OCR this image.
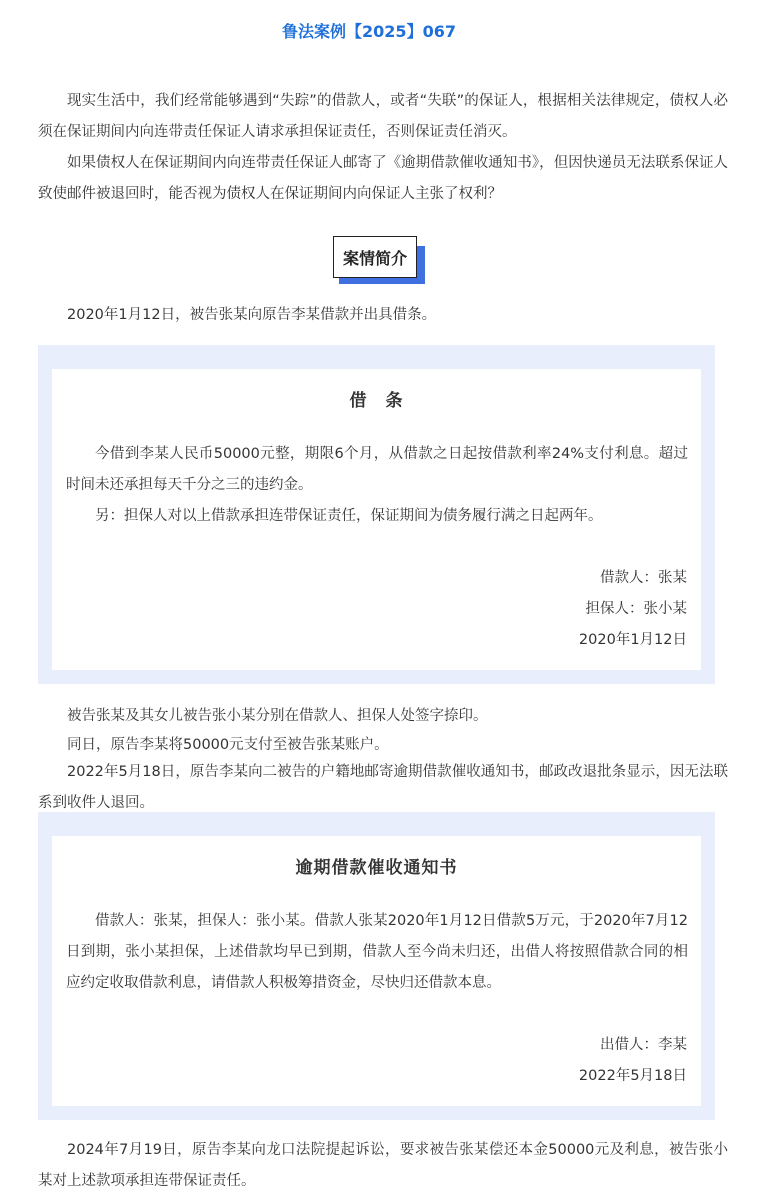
鲁法案例【2025】067

现实生活中，我们经常能够遇到“失踪”的借款人，或者“失联”的保证人，根据相关法律规定，债权人必须在保证期间内向连带责任保证人请求承担保证责任，否则保证责任消灭。

如果债权人在保证期间内向连带责任保证人邮寄了《逾期借款催收通知书》，但因快递员无法联系保证人致使邮件被退回时，能否视为债权人在保证期间内向保证人主张了权利？

案情简介

2020年1月12日，被告张某向原告李某借款并出具借条。

借　条

今借到李某人民币50000元整，期限6个月，从借款之日起按借款利率24%支付利息。超过时间未还承担每天千分之三的违约金。

另：担保人对以上借款承担连带保证责任，保证期间为债务履行满之日起两年。

借款人：张某
担保人：张小某
2020年1月12日

被告张某及其女儿被告张小某分别在借款人、担保人处签字捺印。

同日，原告李某将50000元支付至被告张某账户。

2022年5月18日，原告李某向二被告的户籍地邮寄逾期借款催收通知书，邮政改退批条显示，因无法联系到收件人退回。

逾期借款催收通知书

借款人：张某，担保人：张小某。借款人张某2020年1月12日借款5万元，于2020年7月12日到期，张小某担保，上述借款均早已到期，借款人至今尚未归还，出借人将按照借款合同的相应约定收取借款利息，请借款人积极筹措资金，尽快归还借款本息。

出借人：李某
2022年5月18日

2024年7月19日，原告李某向龙口法院提起诉讼，要求被告张某偿还本金50000元及利息，被告张小某对上述款项承担连带保证责任。
